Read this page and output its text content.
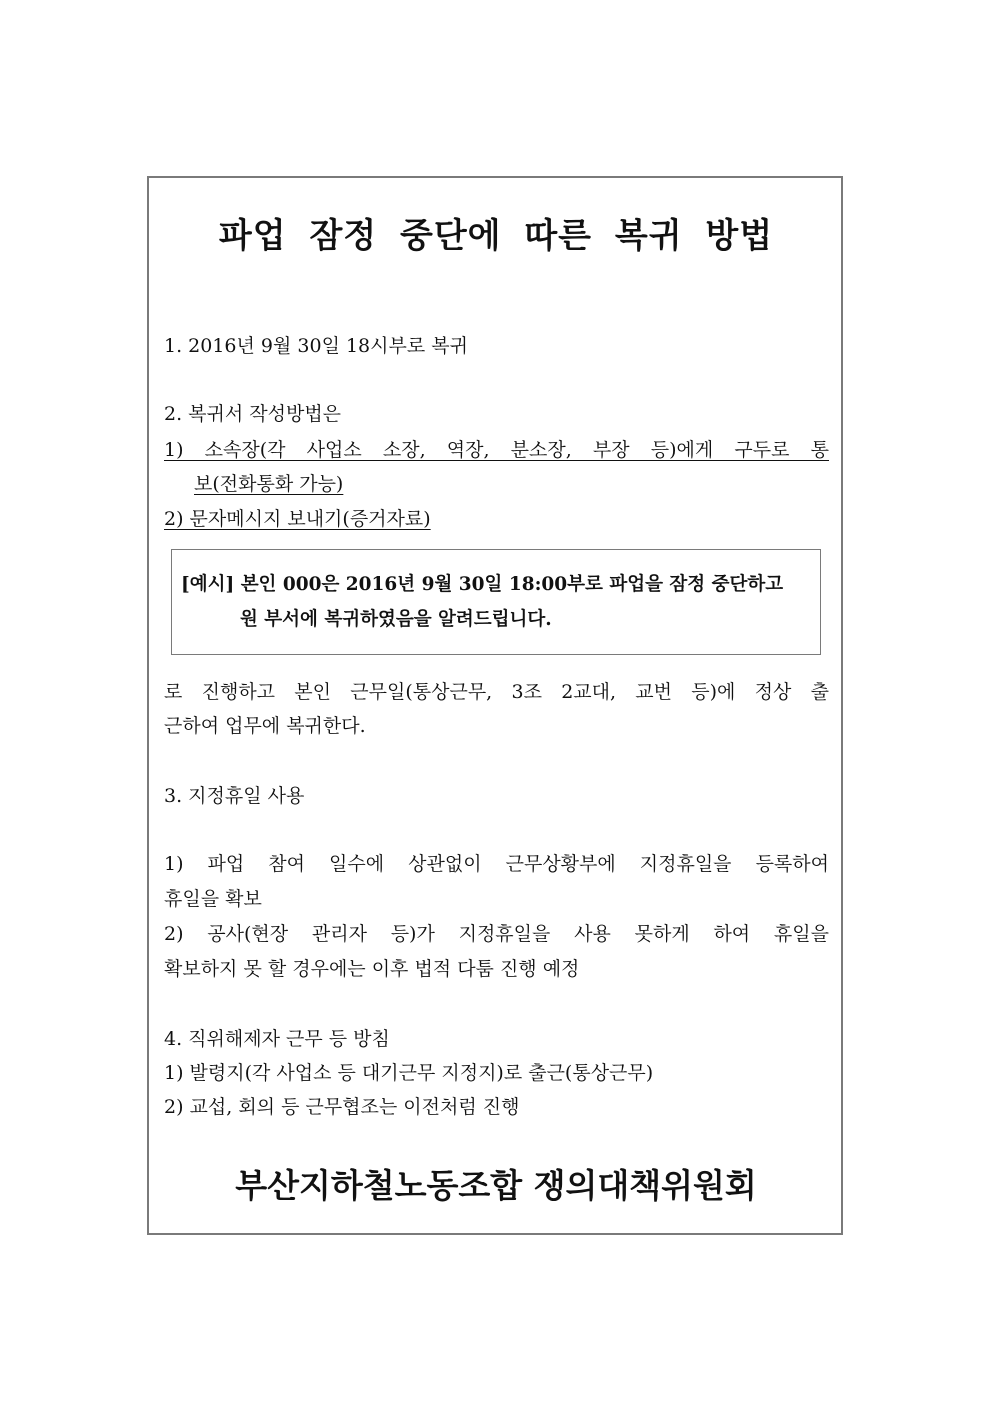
파업 잠정 중단에 따른 복귀 방법
1. 2016년 9월 30일 18시부로 복귀
2. 복귀서 작성방법은
1) 소속장(각 사업소 소장, 역장, 분소장, 부장 등)에게 구두로 통
보(전화통화 가능)
2) 문자메시지 보내기(증거자료)
[예시] 본인 000은 2016년 9월 30일 18:00부로 파업을 잠정 중단하고
원 부서에 복귀하였음을 알려드립니다.
로 진행하고 본인 근무일(통상근무, 3조 2교대, 교번 등)에 정상 출
근하여 업무에 복귀한다.
3. 지정휴일 사용
1) 파업 참여 일수에 상관없이 근무상황부에 지정휴일을 등록하여
휴일을 확보
2) 공사(현장 관리자 등)가 지정휴일을 사용 못하게 하여 휴일을
확보하지 못 할 경우에는 이후 법적 다툼 진행 예정
4. 직위해제자 근무 등 방침
1) 발령지(각 사업소 등 대기근무 지정지)로 출근(통상근무)
2) 교섭, 회의 등 근무협조는 이전처럼 진행
부산지하철노동조합 쟁의대책위원회
